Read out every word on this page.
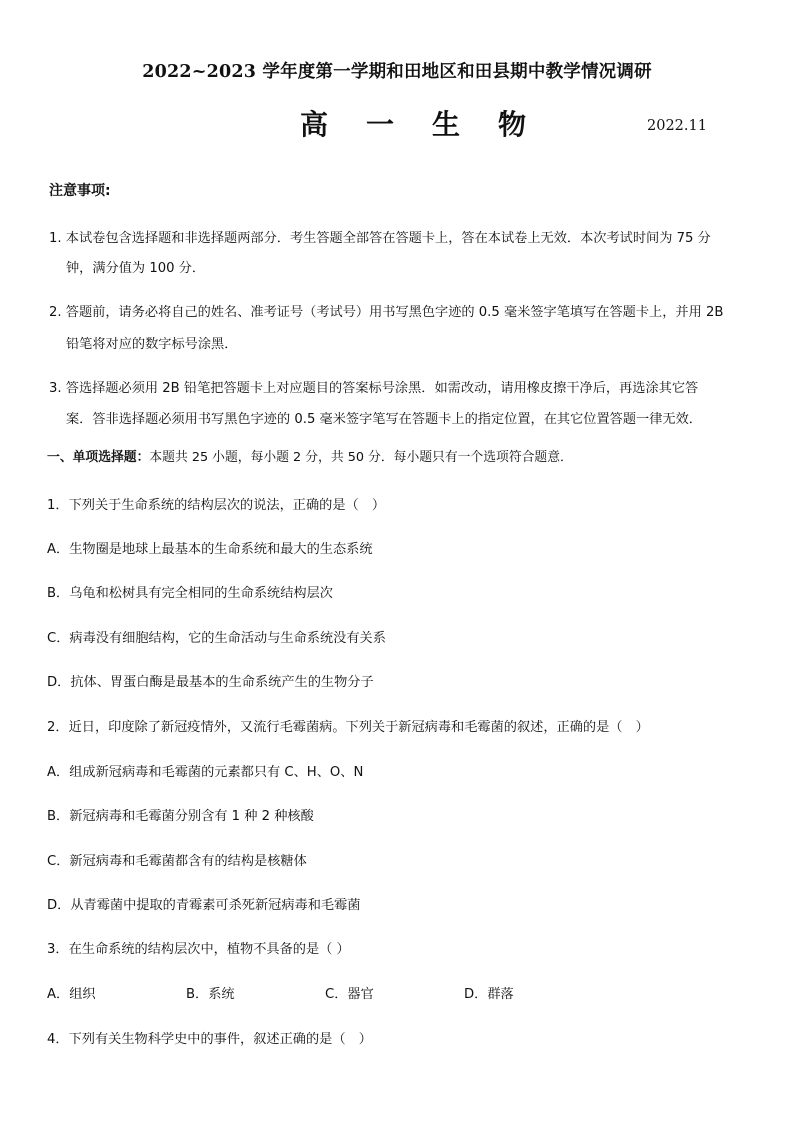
2022~2023 学年度第一学期和田地区和田县期中教学情况调研
高 一 生 物	2022.11
注意事项:
1. 本试卷包含选择题和非选择题两部分．考生答题全部答在答题卡上，答在本试卷上无效．本次考试时间为 75 分
钟，满分值为 100 分．
2. 答题前，请务必将自己的姓名、准考证号（考试号）用书写黑色字迹的 0.5 毫米签字笔填写在答题卡上，并用 2B
铅笔将对应的数字标号涂黑．
3. 答选择题必须用 2B 铅笔把答题卡上对应题目的答案标号涂黑．如需改动，请用橡皮擦干净后，再选涂其它答
案．答非选择题必须用书写黑色字迹的 0.5 毫米签字笔写在答题卡上的指定位置，在其它位置答题一律无效．
一、单项选择题：本题共 25 小题，每小题 2 分，共 50 分．每小题只有一个选项符合题意．
1．下列关于生命系统的结构层次的说法，正确的是（　）
A．生物圈是地球上最基本的生命系统和最大的生态系统
B．乌龟和松树具有完全相同的生命系统结构层次
C．病毒没有细胞结构，它的生命活动与生命系统没有关系
D．抗体、胃蛋白酶是最基本的生命系统产生的生物分子
2．近日，印度除了新冠疫情外，又流行毛霉菌病。下列关于新冠病毒和毛霉菌的叙述，正确的是（　）
A．组成新冠病毒和毛霉菌的元素都只有 C、H、O、N
B．新冠病毒和毛霉菌分别含有 1 种 2 种核酸
C．新冠病毒和毛霉菌都含有的结构是核糖体
D．从青霉菌中提取的青霉素可杀死新冠病毒和毛霉菌
3．在生命系统的结构层次中，植物不具备的是（ ）
A．组织	B．系统	C．器官	D．群落
4．下列有关生物科学史中的事件，叙述正确的是（　）
